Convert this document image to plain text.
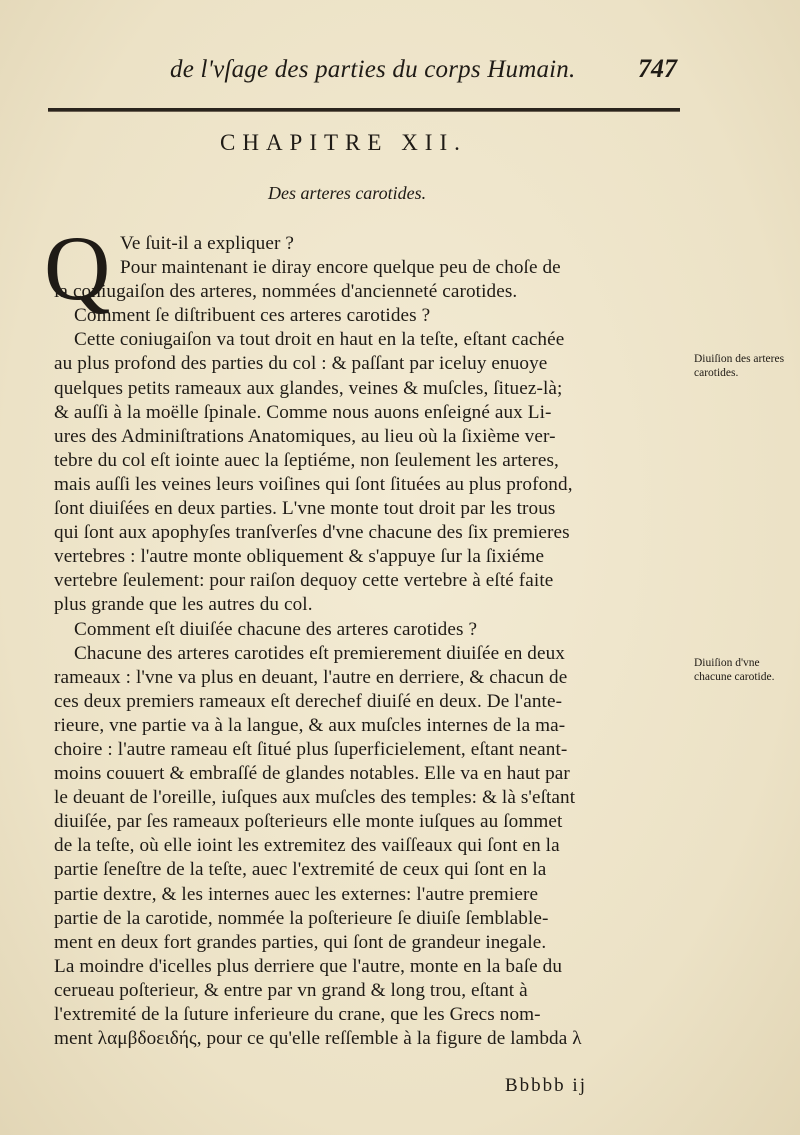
de l'vſage des parties du corps Humain.	747
CHAPITRE XII.
Des arteres carotides.
Q Ve ſuit-il a expliquer ?
Pour maintenant ie diray encore quelque peu de choſe de
la coniugaiſon des arteres, nommées d'ancienneté carotides.
Comment ſe diſtribuent ces arteres carotides ?
Cette coniugaiſon va tout droit en haut en la teſte, eſtant cachée
au plus profond des parties du col : & paſſant par iceluy enuoye
quelques petits rameaux aux glandes, veines & muſcles, ſituez-là;
& auſſi à la moëlle ſpinale. Comme nous auons enſeigné aux Li-
ures des Adminiſtrations Anatomiques, au lieu où la ſixième ver-
tebre du col eſt iointe auec la ſeptiéme, non ſeulement les arteres,
mais auſſi les veines leurs voiſines qui ſont ſituées au plus profond,
ſont diuiſées en deux parties. L'vne monte tout droit par les trous
qui ſont aux apophyſes tranſverſes d'vne chacune des ſix premieres
vertebres : l'autre monte obliquement & s'appuye ſur la ſixiéme
vertebre ſeulement: pour raiſon dequoy cette vertebre à eſté faite
plus grande que les autres du col.
Comment eſt diuiſée chacune des arteres carotides ?
Chacune des arteres carotides eſt premierement diuiſée en deux
rameaux : l'vne va plus en deuant, l'autre en derriere, & chacun de
ces deux premiers rameaux eſt derechef diuiſé en deux. De l'ante-
rieure, vne partie va à la langue, & aux muſcles internes de la ma-
choire : l'autre rameau eſt ſitué plus ſuperficielement, eſtant neant-
moins couuert & embraſſé de glandes notables. Elle va en haut par
le deuant de l'oreille, iuſques aux muſcles des temples: & là s'eſtant
diuiſée, par ſes rameaux poſterieurs elle monte iuſques au ſommet
de la teſte, où elle ioint les extremitez des vaiſſeaux qui ſont en la
partie ſeneſtre de la teſte, auec l'extremité de ceux qui ſont en la
partie dextre, & les internes auec les externes: l'autre premiere
partie de la carotide, nommée la poſterieure ſe diuiſe ſemblable-
ment en deux fort grandes parties, qui ſont de grandeur inegale.
La moindre d'icelles plus derriere que l'autre, monte en la baſe du
cerueau poſterieur, & entre par vn grand & long trou, eſtant à
l'extremité de la ſuture inferieure du crane, que les Grecs nom-
ment λαμβδοειδής, pour ce qu'elle reſſemble à la figure de lambda λ
Diuiſion des arteres carotides.
Diuiſion d'vne chacune carotide.
Bbbbb ij
